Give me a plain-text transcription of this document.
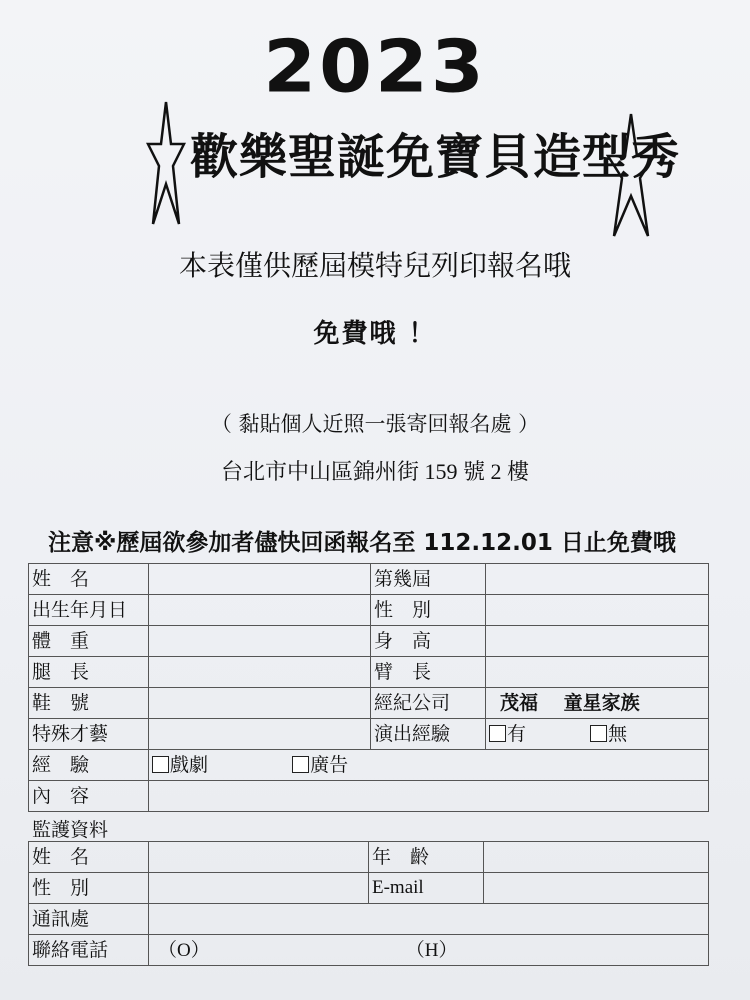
2023
歡樂聖誕免寶貝造型秀
本表僅供歷屆模特兒列印報名哦
免費哦 ！
（ 黏貼個人近照一張寄回報名處 ）
台北市中山區錦州街 159 號 2 樓
注意※歷屆欲參加者儘快回函報名至 112.12.01 日止免費哦
姓　名		第幾屆	
出生年月日		性　別	
體　重		身　高	
腿　長		臂　長	
鞋　號		經紀公司	茂福　 童星家族
特殊才藝		演出經驗	有 無
經　驗	戲劇 廣告		
內　容			
監護資料
姓　名		年　齡	
性　別		E-mail	
通訊處			
聯絡電話	（O） （H）		
